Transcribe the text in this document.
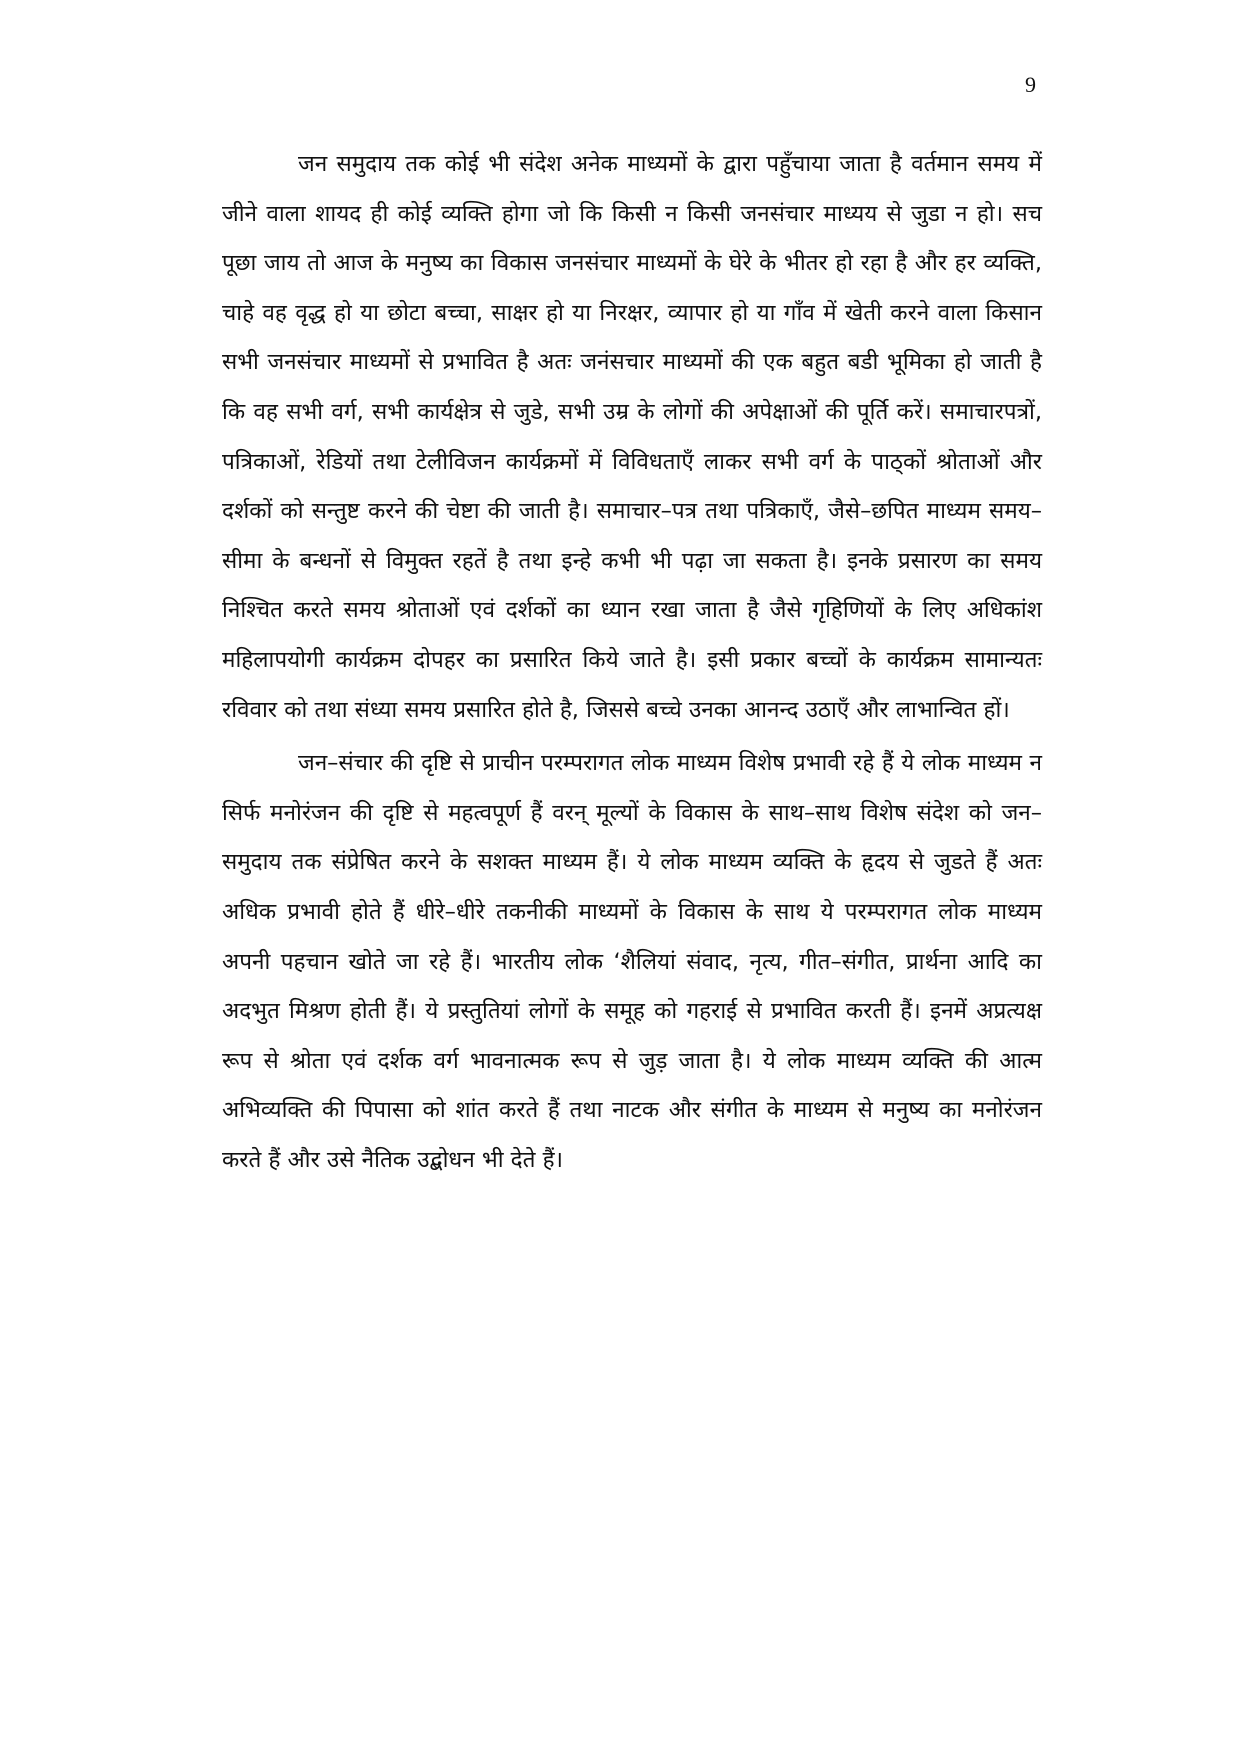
9

जन समुदाय तक कोई भी संदेश अनेक माध्यमों के द्वारा पहुँचाया जाता है वर्तमान समय में जीने वाला शायद ही कोई व्यक्ति होगा जो कि किसी न किसी जनसंचार माध्यय से जुडा न हो। सच पूछा जाय तो आज के मनुष्य का विकास जनसंचार माध्यमों के घेरे के भीतर हो रहा है और हर व्यक्ति, चाहे वह वृद्ध हो या छोटा बच्चा, साक्षर हो या निरक्षर, व्यापार हो या गाँव में खेती करने वाला किसान सभी जनसंचार माध्यमों से प्रभावित है अतः जनंसचार माध्यमों की एक बहुत बडी भूमिका हो जाती है कि वह सभी वर्ग, सभी कार्यक्षेत्र से जुडे, सभी उम्र के लोगों की अपेक्षाओं की पूर्ति करें। समाचारपत्रों, पत्रिकाओं, रेडियों तथा टेलीविजन कार्यक्रमों में विविधताएँ लाकर सभी वर्ग के पाठ्कों श्रोताओं और दर्शकों को सन्तुष्ट करने की चेष्टा की जाती है। समाचार–पत्र तथा पत्रिकाएँ, जैसे–छपित माध्यम समय–सीमा के बन्धनों से विमुक्त रहतें है तथा इन्हे कभी भी पढ़ा जा सकता है। इनके प्रसारण का समय निश्चित करते समय श्रोताओं एवं दर्शकों का ध्यान रखा जाता है जैसे गृहिणियों के लिए अधिकांश महिलापयोगी कार्यक्रम दोपहर का प्रसारित किये जाते है। इसी प्रकार बच्चों के कार्यक्रम सामान्यतः रविवार को तथा संध्या समय प्रसारित होते है, जिससे बच्चे उनका आनन्द उठाएँ और लाभान्वित हों।

जन–संचार की दृष्टि से प्राचीन परम्परागत लोक माध्यम विशेष प्रभावी रहे हैं ये लोक माध्यम न सिर्फ मनोरंजन की दृष्टि से महत्वपूर्ण हैं वरन् मूल्यों के विकास के साथ–साथ विशेष संदेश को जन–समुदाय तक संप्रेषित करने के सशक्त माध्यम हैं। ये लोक माध्यम व्यक्ति के हृदय से जुडते हैं अतः अधिक प्रभावी होते हैं धीरे–धीरे तकनीकी माध्यमों के विकास के साथ ये परम्परागत लोक माध्यम अपनी पहचान खोते जा रहे हैं। भारतीय लोक ‘शैलियां संवाद, नृत्य, गीत–संगीत, प्रार्थना आदि का अदभुत मिश्रण होती हैं। ये प्रस्तुतियां लोगों के समूह को गहराई से प्रभावित करती हैं। इनमें अप्रत्यक्ष रूप से श्रोता एवं दर्शक वर्ग भावनात्मक रूप से जुड़ जाता है। ये लोक माध्यम व्यक्ति की आत्म अभिव्यक्ति की पिपासा को शांत करते हैं तथा नाटक और संगीत के माध्यम से मनुष्य का मनोरंजन करते हैं और उसे नैतिक उद्बोधन भी देते हैं।
